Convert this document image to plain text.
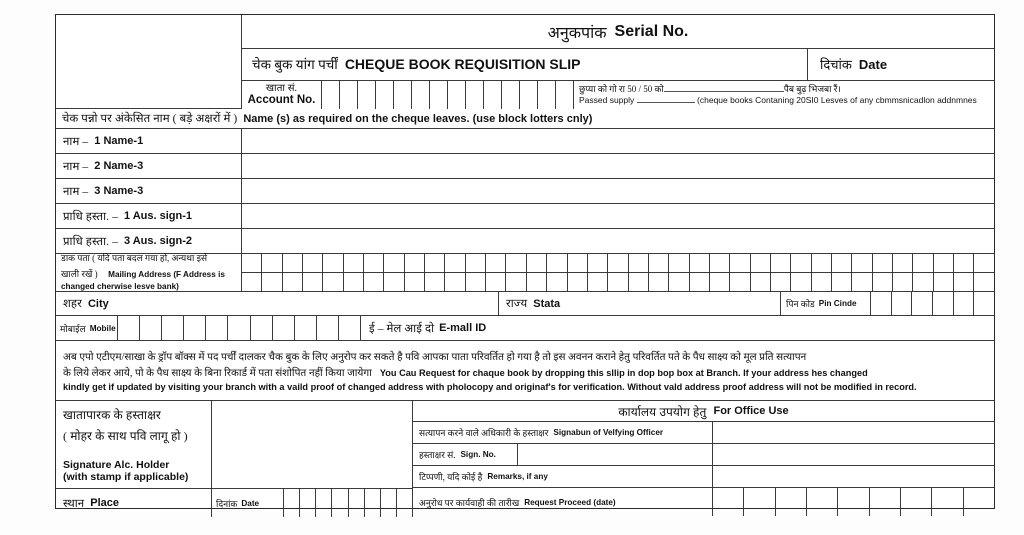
अनुकपांक Serial No.
चेक बुक यांग पर्चीं CHEQUE BOOK REQUISITION SLIP	दिचांक Date
खाता सं.
Account No.
छुप्या को गो रा 50 / 50 को	पैब बुढ़ भिजबा रैं।
Passed supply	(cheque books Contaning 20SI0 Lesves of any cbmmsnicadlon addnmnes
चेक पन्नो पर अंकेसित नाम ( बड़े अक्षरों में ) Name (s) as required on the cheque leaves. (use block lotters cnly)
नाम – 1 Name-1
नाम – 2 Name-3
नाम – 3 Name-3
प्राधि हस्ता. – 1 Aus. sign-1
प्राधि हस्ता. – 3 Aus. sign-2
डाक पता ( यदि पता बदल गया हो, अन्यथा इसे
खाली रखें ) Mailing Address (F Address is
changed cherwise lesve bank)
शहर City	राज्य Stata	पिन कोड Pin Cinde
मोबाईल Mobile	ई – मेल आई दो E-mall ID
अब एपो एटीएम/साखा के ड्रॉप बॉक्स में पद पर्चीं दालकर चैक बुक के लिए अनुरोप कर सकते है पवि आपका पाता परिवर्तित हो गया है तो इस अवनन कराने हेतु परिवर्तित पते के पैध साक्ष्य को मूल प्रति सत्यापन
के लिये लेकर आये, पो के पैध साक्ष्य के बिना रिकार्ड में पता संशोपित नहीं किया जायेगा You Cau Request for chaque book by dropping this sllip in dop bop box at Branch. If your address hes changed
kindly get if updated by visiting your branch with a vaild proof of changed address with pholocopy and originaf's for verification. Without vald address proof address will not be modified in record.
खातापारक के हस्ताक्षर
( मोहर के साथ पवि लागू हो )
Signature Alc. Holder
(with stamp if applicable)
स्थान Place	दिनांक Date
कार्यालय उपयोग हेतु For Office Use
सत्यापन करने वाले अधिकारी के हस्ताक्षर Signabun of Velfying Officer
हस्ताक्षर सं. Sign. No.
टिप्पणी, यदि कोई है Remarks, if any
अनुरोध पर कार्यवाही की तारीख Request Proceed (date)
